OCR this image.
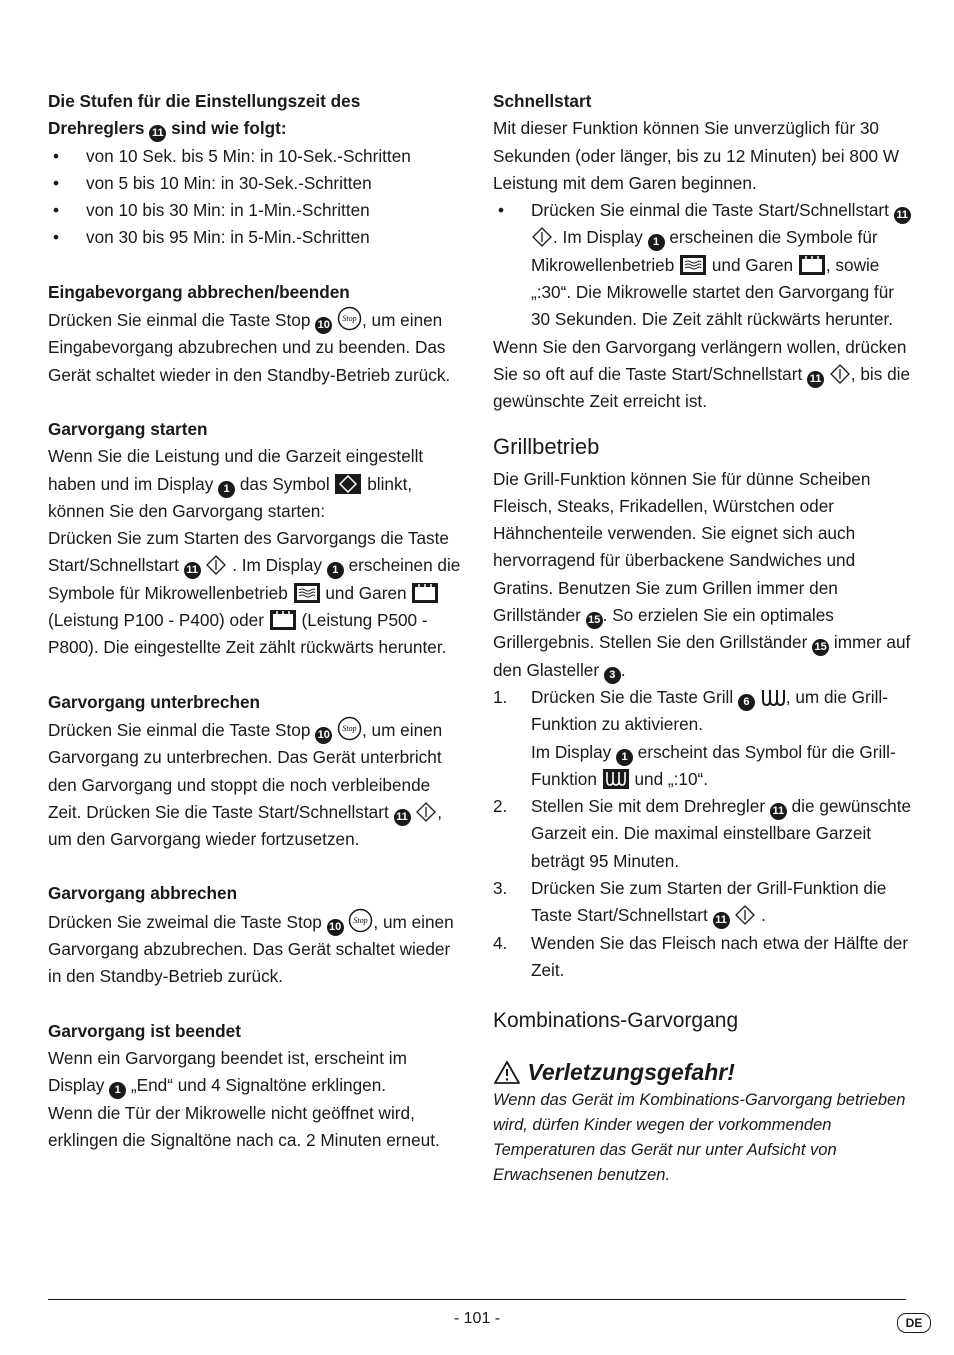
Die Stufen für die Einstellungszeit des
Drehreglers 11 sind wie folgt:

• von 10 Sek. bis 5 Min: in 10-Sek.-Schritten

• von 5 bis 10 Min: in 30-Sek.-Schritten

• von 10 bis 30 Min: in 1-Min.-Schritten

• von 30 bis 95 Min: in 5-Min.-Schritten

Eingabevorgang abbrechen/beenden

Drücken Sie einmal die Taste Stop 10
Stop , um einen Eingabevorgang abzubrechen und zu beenden. Das Gerät schaltet wieder in den Standby-Betrieb zurück.

Garvorgang starten

Wenn Sie die Leistung und die Garzeit eingestellt haben und im Display 1 das Symbol blinkt, können Sie den Garvorgang starten:
Drücken Sie zum Starten des Garvorgangs die Taste Start/Schnellstart 11 . Im Display 1 erscheinen die Symbole für Mikrowellenbetrieb und Garen  (Leistung P100 - P400) oder (Leistung P500 - P800). Die eingestellte Zeit zählt rückwärts herunter.

Garvorgang unterbrechen

Drücken Sie einmal die Taste Stop 10
Stop , um einen Garvorgang zu unterbrechen. Das Gerät unterbricht den Garvorgang und stoppt die noch verbleibende Zeit. Drücken Sie die Taste Start/Schnellstart 11 , um den Garvorgang wieder fortzusetzen.

Garvorgang abbrechen

Drücken Sie zweimal die Taste Stop 10
Stop , um einen Garvorgang abzubrechen. Das Gerät schaltet wieder in den Standby-Betrieb zurück.

Garvorgang ist beendet

Wenn ein Garvorgang beendet ist, erscheint im Display 1 „End“ und 4 Signaltöne erklingen.
Wenn die Tür der Mikrowelle nicht geöffnet wird, erklingen die Signaltöne nach ca. 2 Minuten erneut.

Schnellstart

Mit dieser Funktion können Sie unverzüglich für 30 Sekunden (oder länger, bis zu 12 Minuten) bei 800 W Leistung mit dem Garen beginnen.

• Drücken Sie einmal die Taste Start/Schnellstart 11 . Im Display 1 erscheinen die Symbole für Mikrowellenbetrieb und Garen , sowie „:30“. Die Mikrowelle startet den Garvorgang für 30 Sekunden. Die Zeit zählt rückwärts herunter.

Wenn Sie den Garvorgang verlängern wollen, drücken Sie so oft auf die Taste Start/Schnellstart 11 , bis die gewünschte Zeit erreicht ist.

Grillbetrieb

Die Grill-Funktion können Sie für dünne Scheiben Fleisch, Steaks, Frikadellen, Würstchen oder Hähnchenteile verwenden. Sie eignet sich auch hervorragend für überbackene Sandwiches und Gratins. Benutzen Sie zum Grillen immer den Grillständer 15 . So erzielen Sie ein optimales Grillergebnis. Stellen Sie den Grillständer 15 immer auf den Glasteller 3 .

1. Drücken Sie die Taste Grill 6 , um die Grill-Funktion zu aktivieren.
Im Display 1 erscheint das Symbol für die Grill-Funktion und „:10“.

2. Stellen Sie mit dem Drehregler 11 die gewünschte Garzeit ein. Die maximal einstellbare Garzeit beträgt 95 Minuten.

3. Drücken Sie zum Starten der Grill-Funktion die Taste Start/Schnellstart 11 .

4. Wenden Sie das Fleisch nach etwa der Hälfte der Zeit.

Kombinations-Garvorgang

Verletzungsgefahr!

Wenn das Gerät im Kombinations-Garvorgang betrieben wird, dürfen Kinder wegen der vorkommenden Temperaturen das Gerät nur unter Aufsicht von Erwachsenen benutzen.

- 101 -	DE
